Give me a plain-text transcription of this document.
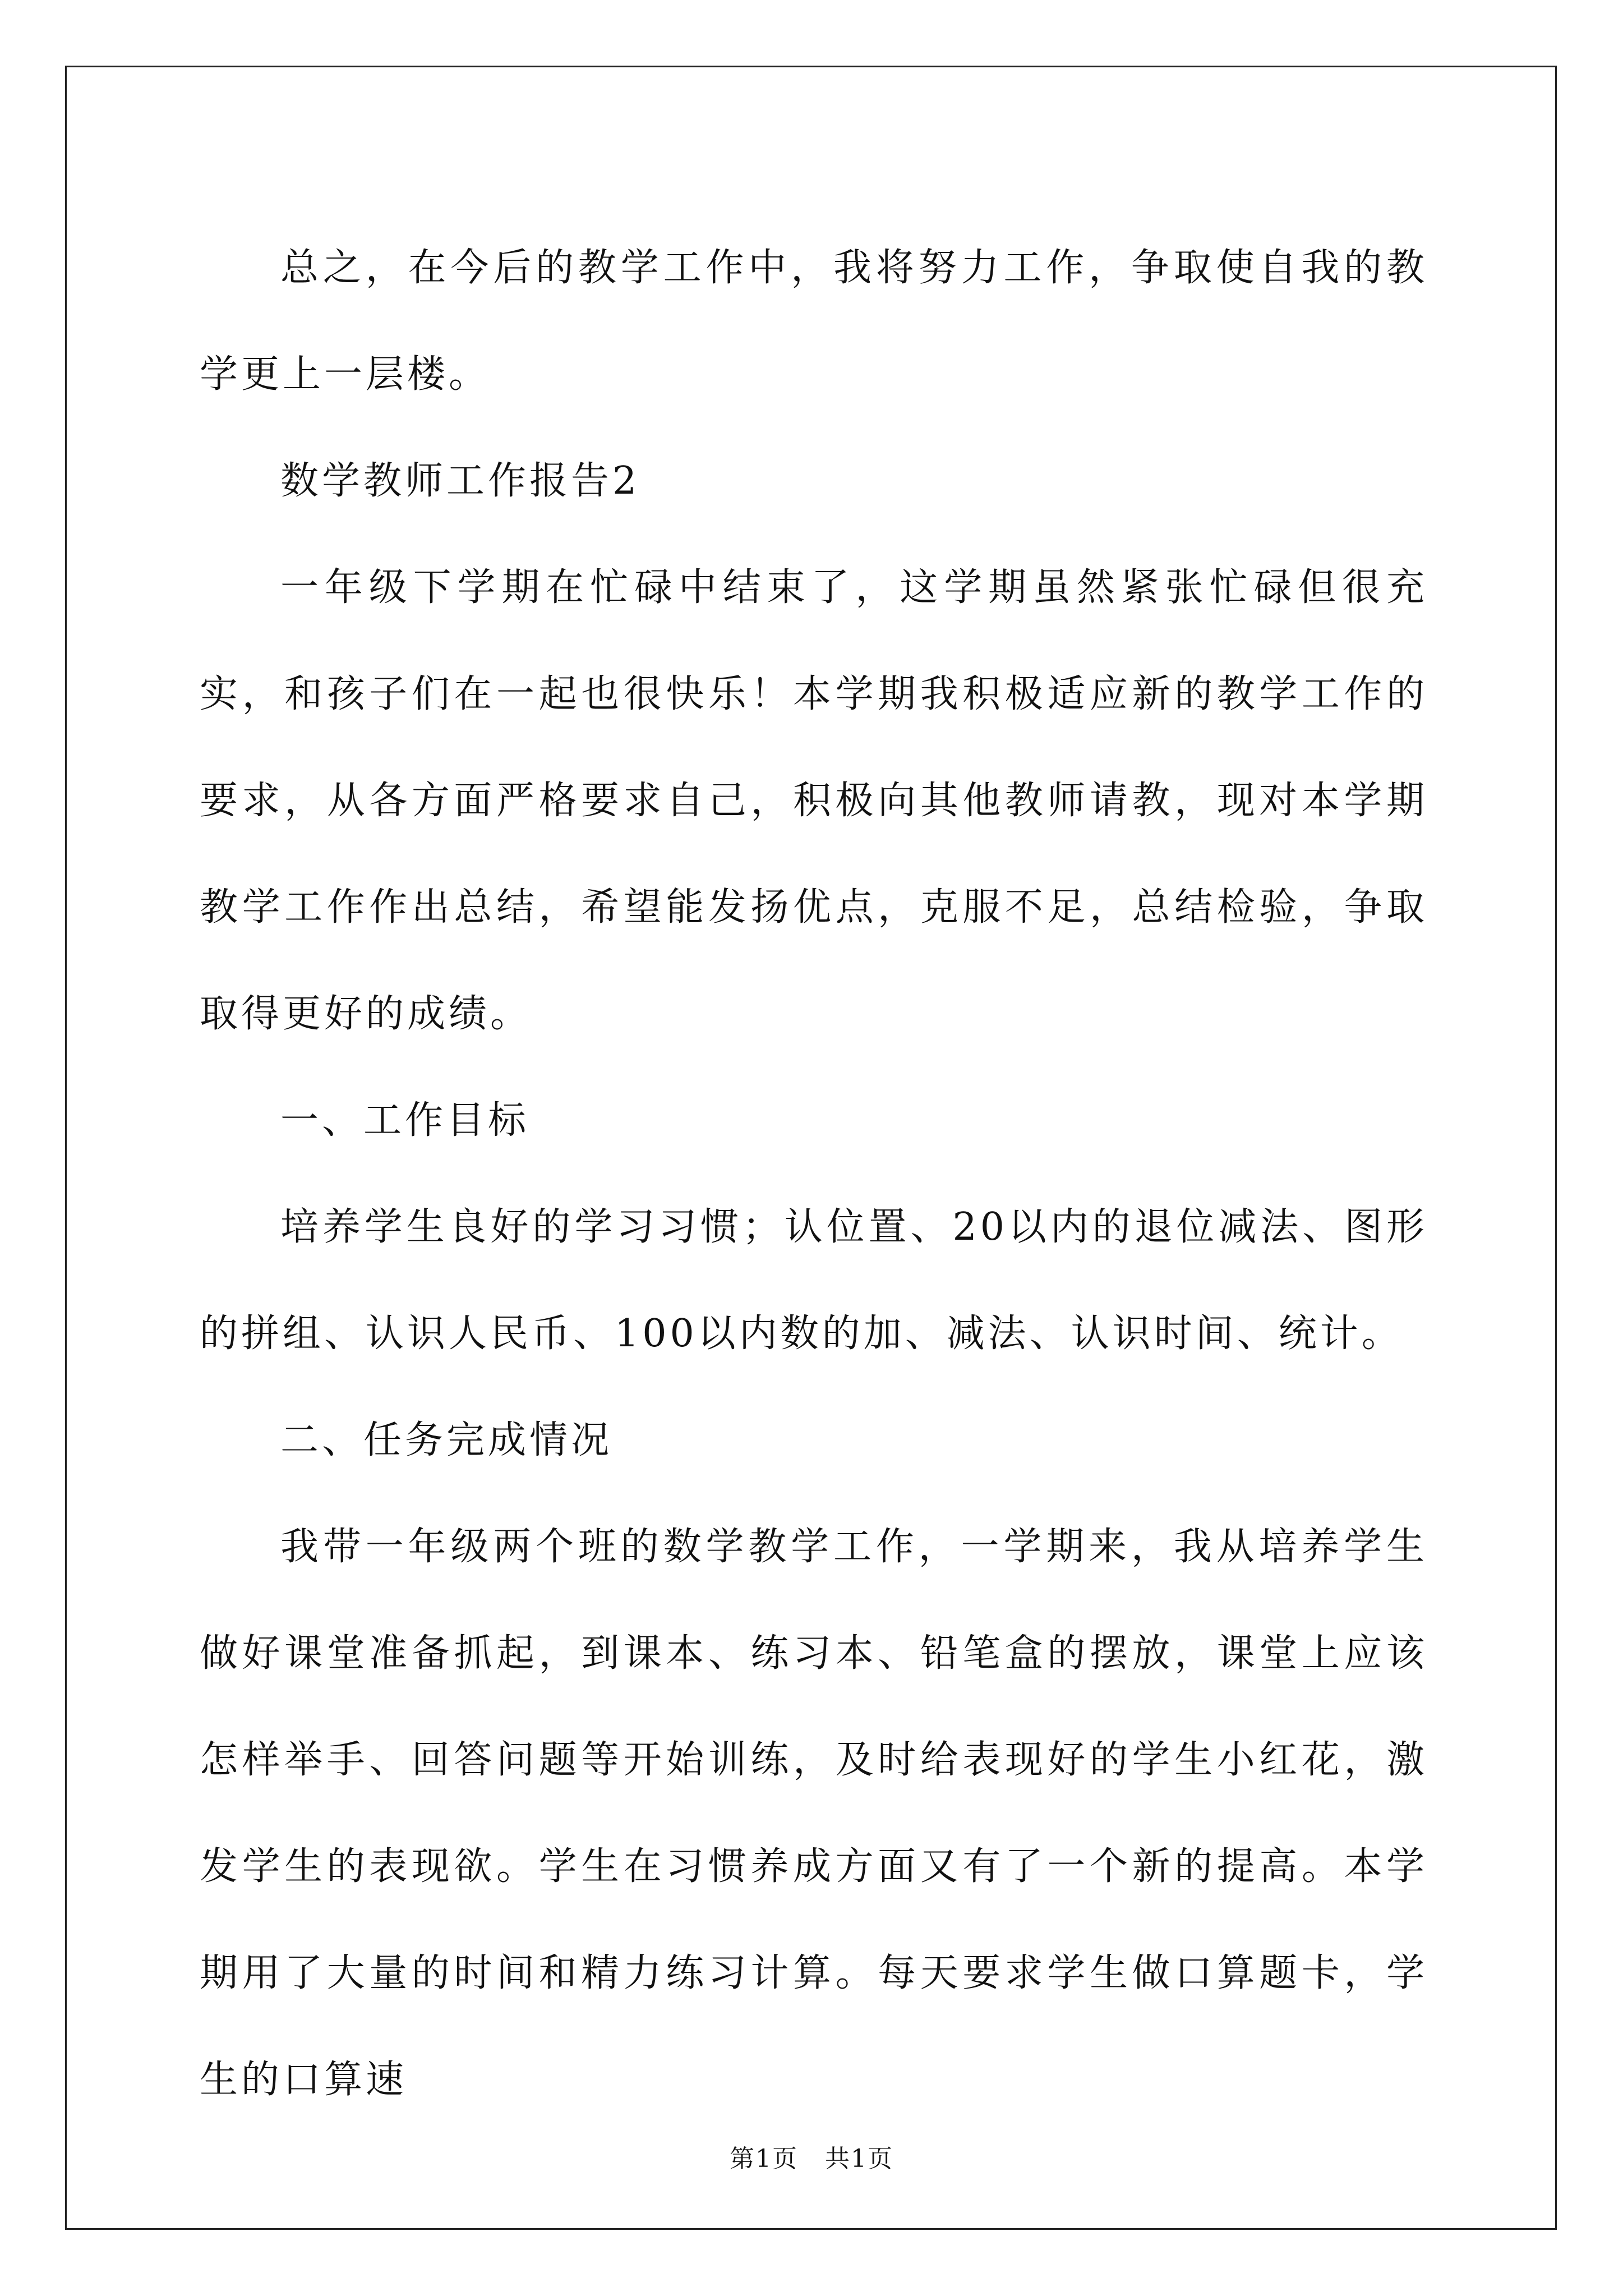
总之，在今后的教学工作中，我将努力工作，争取使自我的教学更上一层楼。

数学教师工作报告2

一年级下学期在忙碌中结束了，这学期虽然紧张忙碌但很充实，和孩子们在一起也很快乐！本学期我积极适应新的教学工作的要求，从各方面严格要求自己，积极向其他教师请教，现对本学期教学工作作出总结，希望能发扬优点，克服不足，总结检验，争取取得更好的成绩。

一、工作目标

培养学生良好的学习习惯；认位置、20以内的退位减法、图形的拼组、认识人民币、100以内数的加、减法、认识时间、统计。

二、任务完成情况

我带一年级两个班的数学教学工作，一学期来，我从培养学生做好课堂准备抓起，到课本、练习本、铅笔盒的摆放，课堂上应该怎样举手、回答问题等开始训练，及时给表现好的学生小红花，激发学生的表现欲。学生在习惯养成方面又有了一个新的提高。本学期用了大量的时间和精力练习计算。每天要求学生做口算题卡，学生的口算速

第1页 共1页
